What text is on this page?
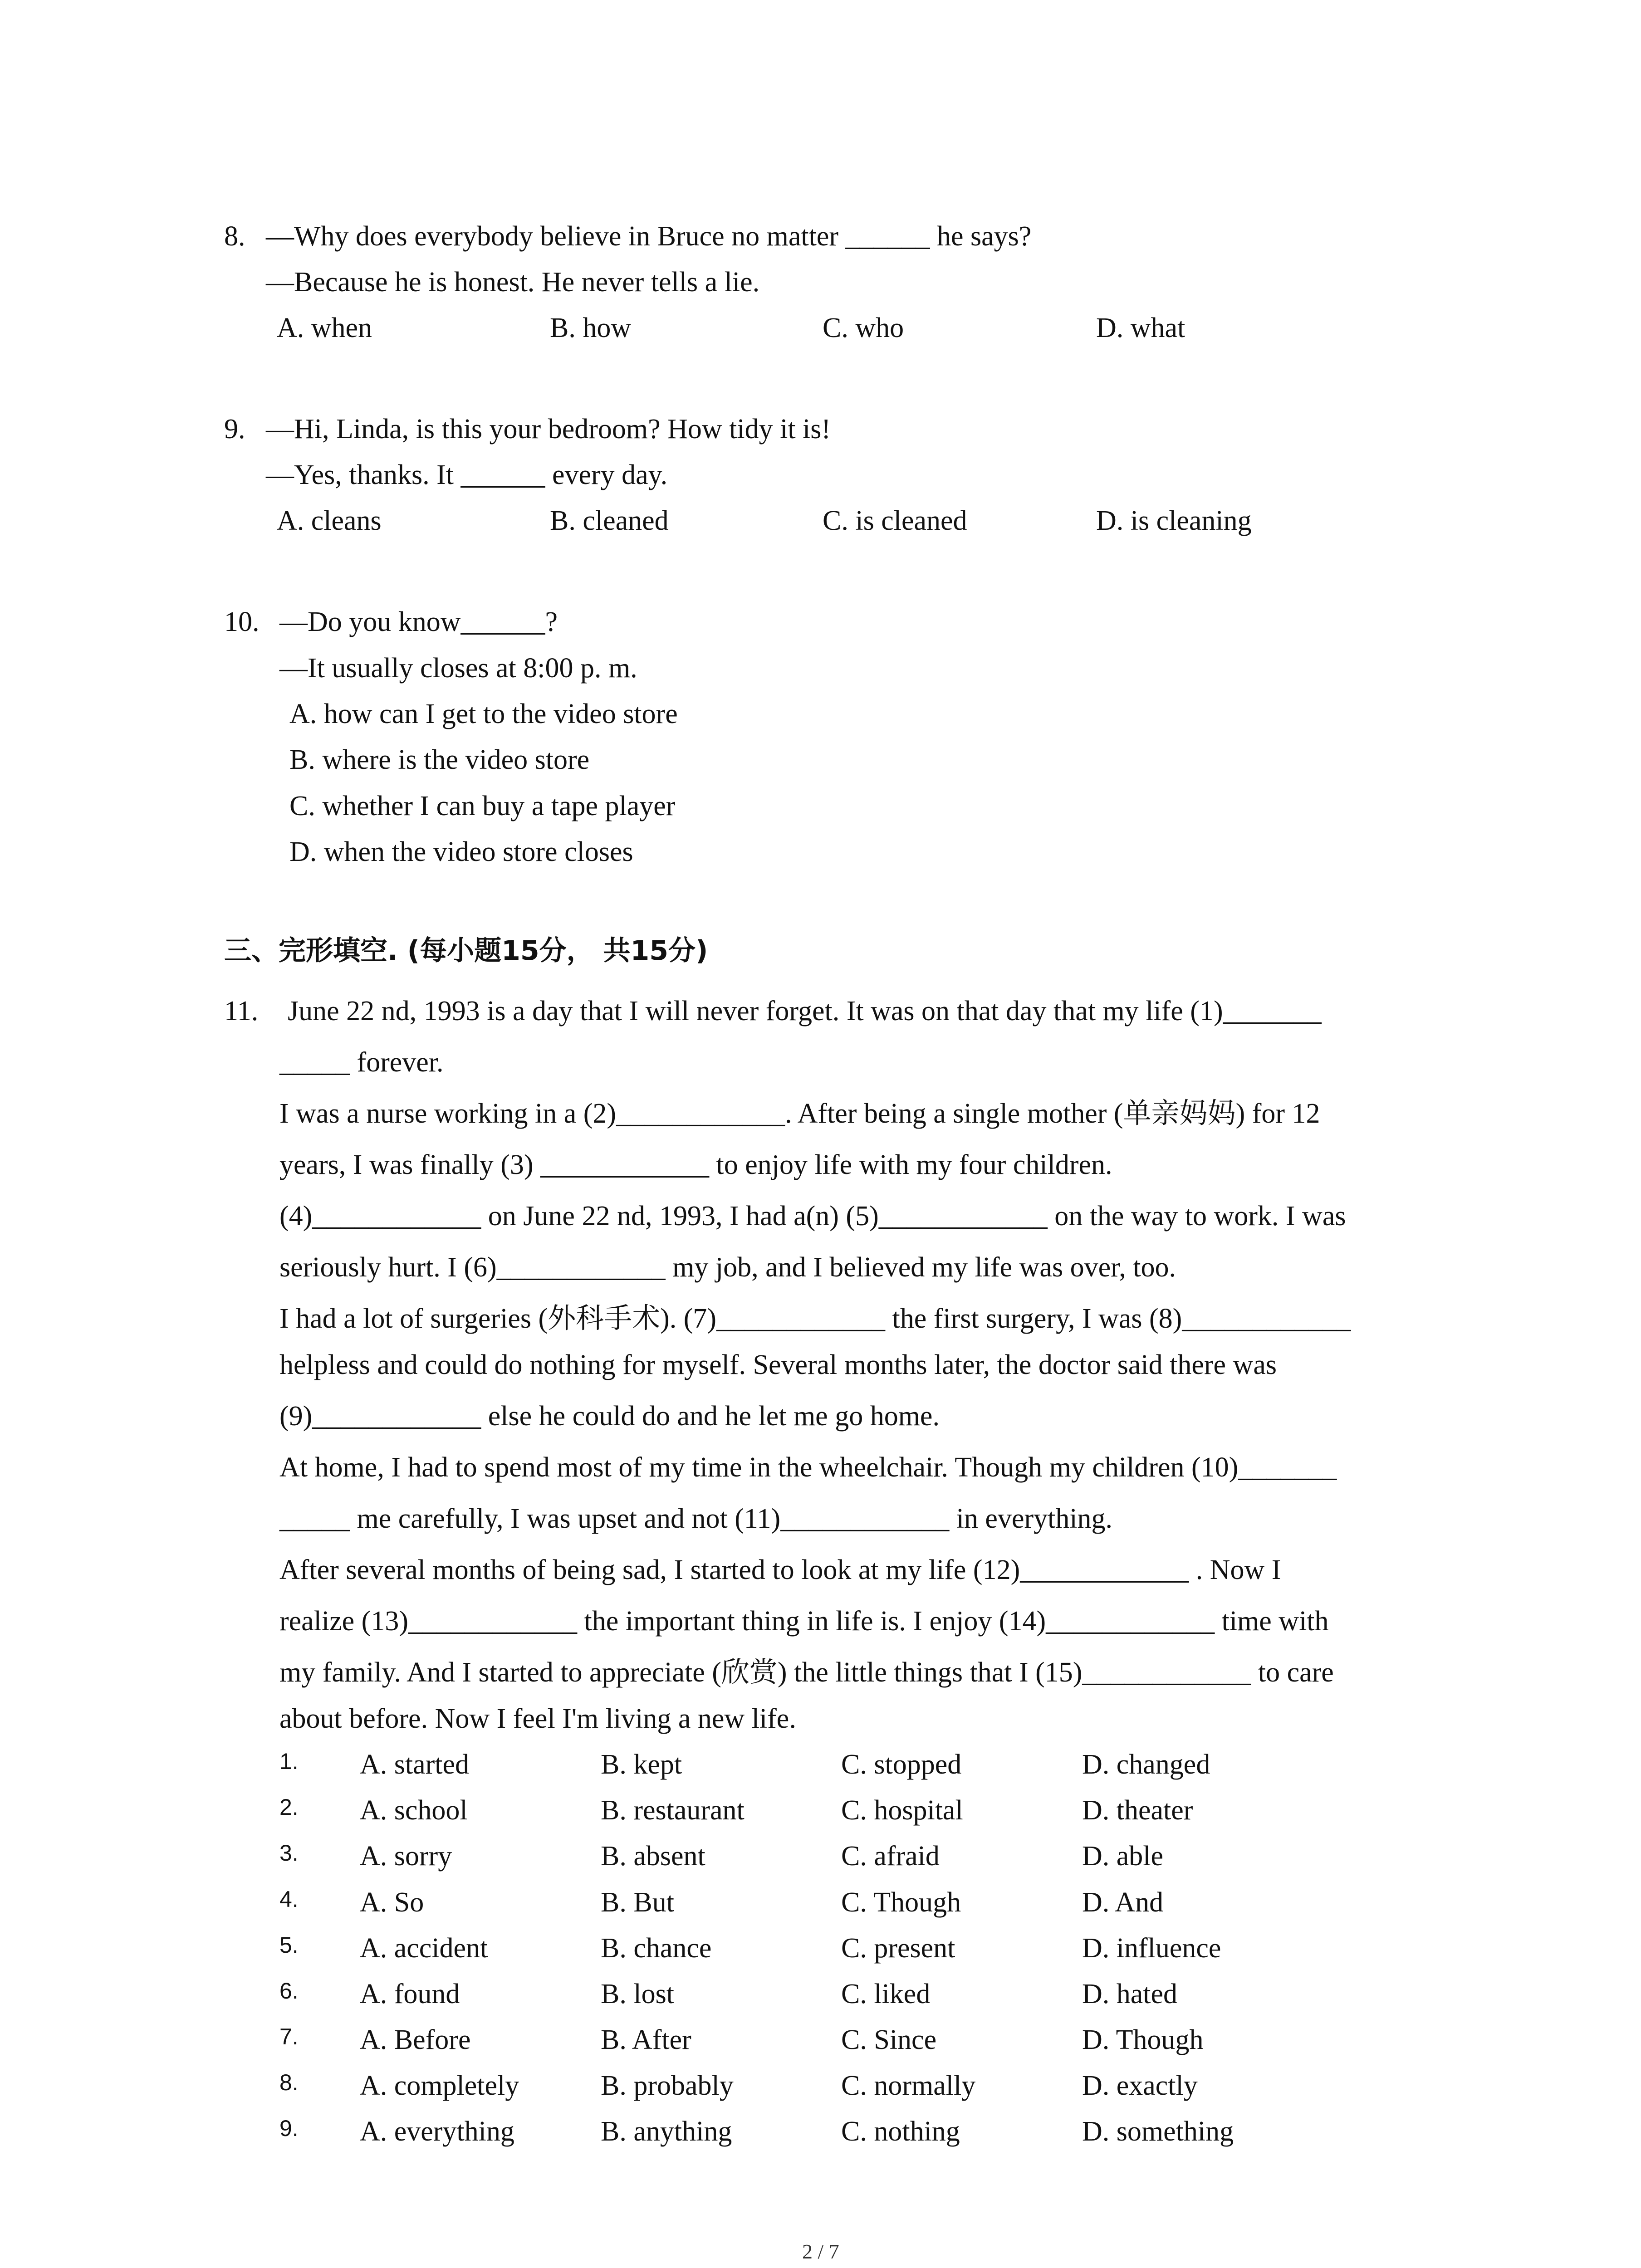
8. —Why does everybody believe in Bruce no matter ______ he says?
—Because he is honest. He never tells a lie.
A. when	B. how	C. who	D. what
9. —Hi, Linda, is this your bedroom? How tidy it is!
—Yes, thanks. It ______ every day.
A. cleans	B. cleaned	C. is cleaned	D. is cleaning
10. —Do you know______?
—It usually closes at 8:00 p. m.
A. how can I get to the video store
B. where is the video store
C. whether I can buy a tape player
D. when the video store closes
三、完形填空. (每小题15分， 共15分)
11. June 22 nd, 1993 is a day that I will never forget. It was on that day that my life (1)_______
_____ forever.
I was a nurse working in a (2)____________. After being a single mother (单亲妈妈) for 12
years, I was finally (3) ____________ to enjoy life with my four children.
(4)____________ on June 22 nd, 1993, I had a(n) (5)____________ on the way to work. I was
seriously hurt. I (6)____________ my job, and I believed my life was over, too.
I had a lot of surgeries (外科手术). (7)____________ the first surgery, I was (8)____________
helpless and could do nothing for myself. Several months later, the doctor said there was
(9)____________ else he could do and he let me go home.
At home, I had to spend most of my time in the wheelchair. Though my children (10)_______
_____ me carefully, I was upset and not (11)____________ in everything.
After several months of being sad, I started to look at my life (12)____________ . Now I
realize (13)____________ the important thing in life is. I enjoy (14)____________ time with
my family. And I started to appreciate (欣赏) the little things that I (15)____________ to care
about before. Now I feel I'm living a new life.
1. A. started	B. kept	C. stopped	D. changed
2. A. school	B. restaurant	C. hospital	D. theater
3. A. sorry	B. absent	C. afraid	D. able
4. A. So	B. But	C. Though	D. And
5. A. accident	B. chance	C. present	D. influence
6. A. found	B. lost	C. liked	D. hated
7. A. Before	B. After	C. Since	D. Though
8. A. completely	B. probably	C. normally	D. exactly
9. A. everything	B. anything	C. nothing	D. something
2 / 7
